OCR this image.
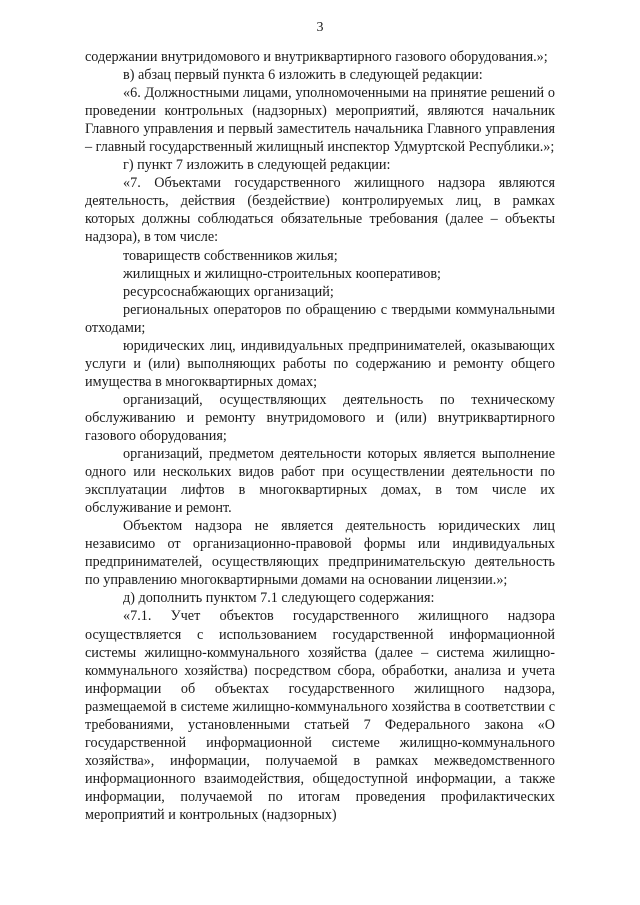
3

содержании внутридомового и внутриквартирного газового оборудования.»;

в) абзац первый пункта 6 изложить в следующей редакции:

«6. Должностными лицами, уполномоченными на принятие решений о проведении контрольных (надзорных) мероприятий, являются начальник Главного управления и первый заместитель начальника Главного управления – главный государственный жилищный инспектор Удмуртской Республики.»;

г) пункт 7 изложить в следующей редакции:

«7. Объектами государственного жилищного надзора являются деятельность, действия (бездействие) контролируемых лиц, в рамках которых должны соблюдаться обязательные требования (далее – объекты надзора), в том числе:

товариществ собственников жилья;

жилищных и жилищно-строительных кооперативов;

ресурсоснабжающих организаций;

региональных операторов по обращению с твердыми коммунальными отходами;

юридических лиц, индивидуальных предпринимателей, оказывающих услуги и (или) выполняющих работы по содержанию и ремонту общего имущества в многоквартирных домах;

организаций, осуществляющих деятельность по техническому обслуживанию и ремонту внутридомового и (или) внутриквартирного газового оборудования;

организаций, предметом деятельности которых является выполнение одного или нескольких видов работ при осуществлении деятельности по эксплуатации лифтов в многоквартирных домах, в том числе их обслуживание и ремонт.

Объектом надзора не является деятельность юридических лиц независимо от организационно-правовой формы или индивидуальных предпринимателей, осуществляющих предпринимательскую деятельность по управлению многоквартирными домами на основании лицензии.»;

д) дополнить пунктом 7.1 следующего содержания:

«7.1. Учет объектов государственного жилищного надзора осуществляется с использованием государственной информационной системы жилищно-коммунального хозяйства (далее – система жилищно-коммунального хозяйства) посредством сбора, обработки, анализа и учета информации об объектах государственного жилищного надзора, размещаемой в системе жилищно-коммунального хозяйства в соответствии с требованиями, установленными статьей 7 Федерального закона «О государственной информационной системе жилищно-коммунального хозяйства», информации, получаемой в рамках межведомственного информационного взаимодействия, общедоступной информации, а также информации, получаемой по итогам проведения профилактических мероприятий и контрольных (надзорных)
